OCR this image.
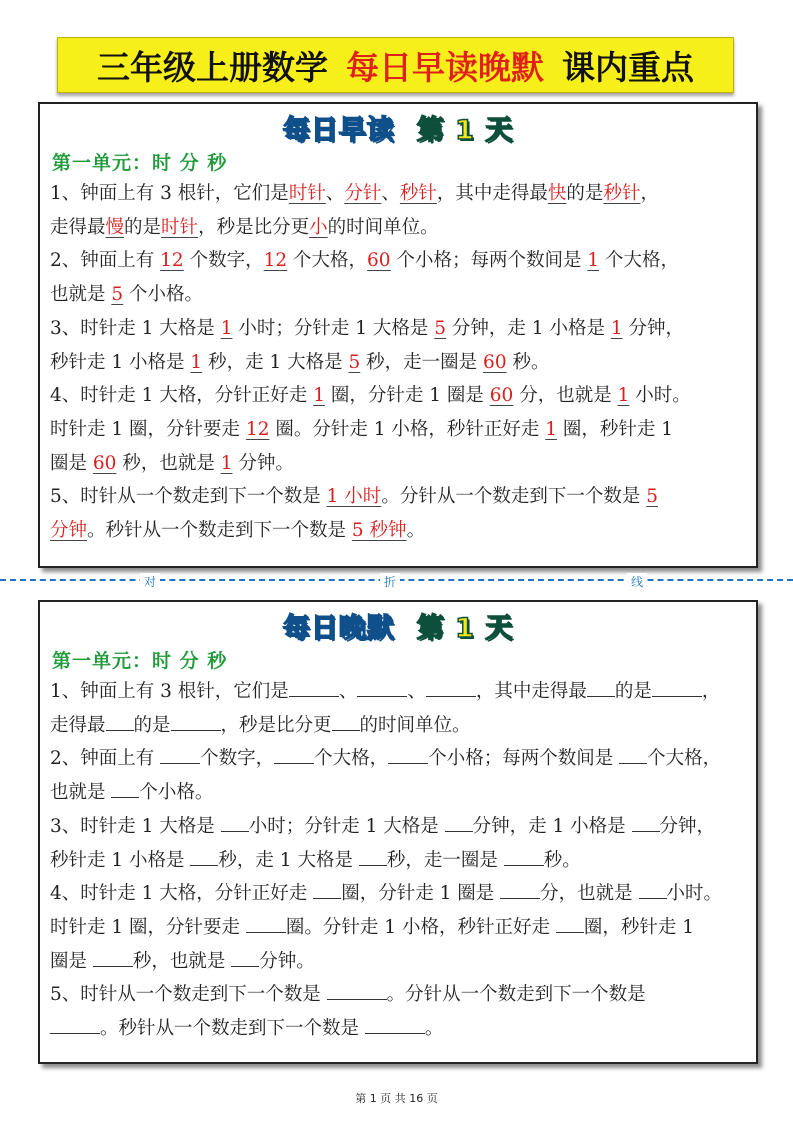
三年级上册数学 每日早读晚默 课内重点
每日早读 第 1 天
第一单元：时 分 秒
1、钟面上有 3 根针，它们是时针、分针、秒针，其中走得最快的是秒针，
走得最慢的是时针，秒是比分更小的时间单位。
2、钟面上有 12 个数字，12 个大格，60 个小格；每两个数间是 1 个大格，
也就是 5 个小格。
3、时针走 1 大格是 1 小时；分针走 1 大格是 5 分钟，走 1 小格是 1 分钟，
秒针走 1 小格是 1 秒，走 1 大格是 5 秒，走一圈是 60 秒。
4、时针走 1 大格，分针正好走 1 圈，分针走 1 圈是 60 分，也就是 1 小时。
时针走 1 圈，分针要走 12 圈。分针走 1 小格，秒针正好走 1 圈，秒针走 1
圈是 60 秒，也就是 1 分钟。
5、时针从一个数走到下一个数是 1 小时。分针从一个数走到下一个数是 5
分钟。秒针从一个数走到下一个数是 5 秒钟。
对	折	线
每日晚默 第 1 天
第一单元：时 分 秒
1、钟面上有 3 根针，它们是	、	、	，其中走得最 的是	，
走得最 的是	，秒是比分更 的时间单位。
2、钟面上有 个数字， 个大格， 个小格；每两个数间是 个大格，
也就是 个小格。
3、时针走 1 大格是 小时；分针走 1 大格是 分钟，走 1 小格是 分钟，
秒针走 1 小格是 秒，走 1 大格是 秒，走一圈是 秒。
4、时针走 1 大格，分针正好走 圈，分针走 1 圈是 分，也就是 小时。
时针走 1 圈，分针要走 圈。分针走 1 小格，秒针正好走 圈，秒针走 1
圈是 秒，也就是 分钟。
5、时针从一个数走到下一个数是	。分针从一个数走到下一个数是
。秒针从一个数走到下一个数是	。
第 1 页 共 16 页
